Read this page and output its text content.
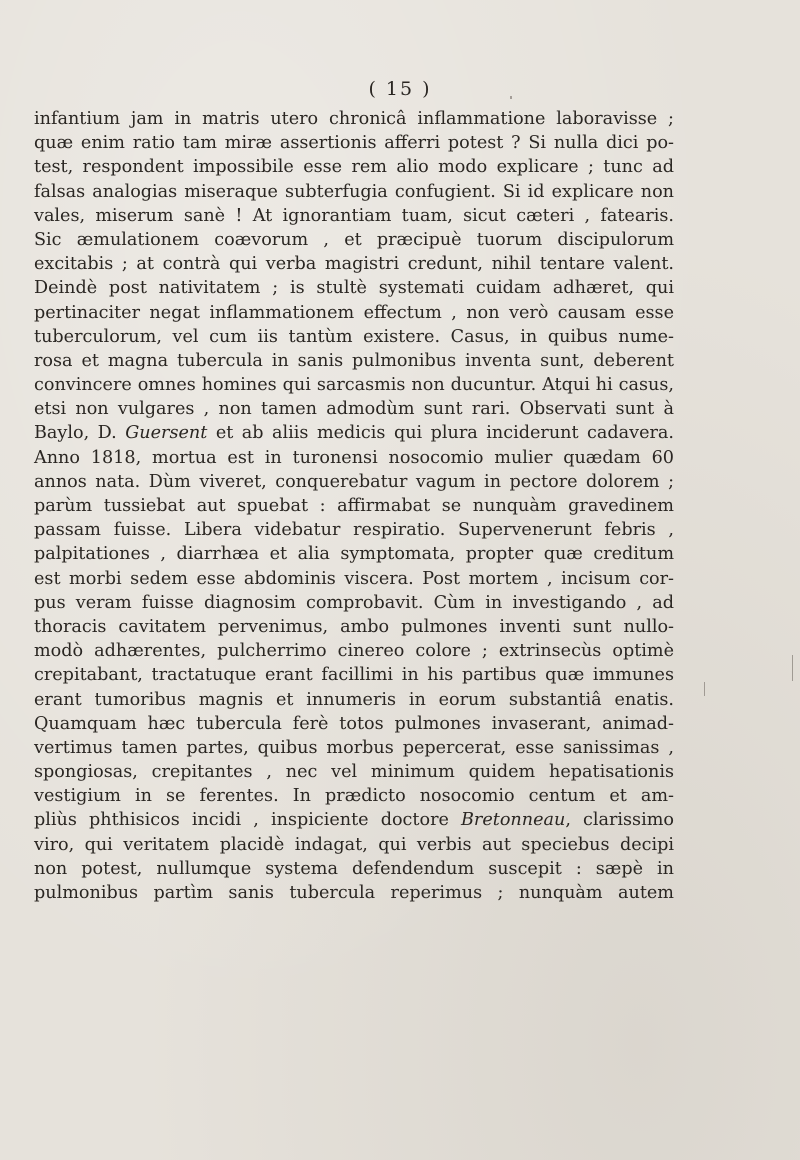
( 15 )
infantium jam in matris utero chronicâ inflammatione laboravisse ;
quæ enim ratio tam miræ assertionis afferri potest ? Si nulla dici po-
test, respondent impossibile esse rem alio modo explicare ; tunc ad
falsas analogias miseraque subterfugia confugient. Si id explicare non
vales, miserum sanè ! At ignorantiam tuam, sicut cæteri , fatearis.
Sic æmulationem coævorum , et præcipuè tuorum discipulorum
excitabis ; at contrà qui verba magistri credunt, nihil tentare valent.
Deindè post nativitatem ; is stultè systemati cuidam adhæret, qui
pertinaciter negat inflammationem effectum , non verò causam esse
tuberculorum, vel cum iis tantùm existere. Casus, in quibus nume-
rosa et magna tubercula in sanis pulmonibus inventa sunt, deberent
convincere omnes homines qui sarcasmis non ducuntur. Atqui hi casus,
etsi non vulgares , non tamen admodùm sunt rari. Observati sunt à
Baylo, D. Guersent et ab aliis medicis qui plura inciderunt cadavera.
Anno 1818, mortua est in turonensi nosocomio mulier quædam 60
annos nata. Dùm viveret, conquerebatur vagum in pectore dolorem ;
parùm tussiebat aut spuebat : affirmabat se nunquàm gravedinem
passam fuisse. Libera videbatur respiratio. Supervenerunt febris ,
palpitationes , diarrhæa et alia symptomata, propter quæ creditum
est morbi sedem esse abdominis viscera. Post mortem , incisum cor-
pus veram fuisse diagnosim comprobavit. Cùm in investigando , ad
thoracis cavitatem pervenimus, ambo pulmones inventi sunt nullo-
modò adhærentes, pulcherrimo cinereo colore ; extrinsecùs optimè
crepitabant, tractatuque erant facillimi in his partibus quæ immunes
erant tumoribus magnis et innumeris in eorum substantiâ enatis.
Quamquam hæc tubercula ferè totos pulmones invaserant, animad-
vertimus tamen partes, quibus morbus pepercerat, esse sanissimas ,
spongiosas, crepitantes , nec vel minimum quidem hepatisationis
vestigium in se ferentes. In prædicto nosocomio centum et am-
pliùs phthisicos incidi , inspiciente doctore Bretonneau, clarissimo
viro, qui veritatem placidè indagat, qui verbis aut speciebus decipi
non potest, nullumque systema defendendum suscepit : sæpè in
pulmonibus partìm sanis tubercula reperimus ; nunquàm autem
